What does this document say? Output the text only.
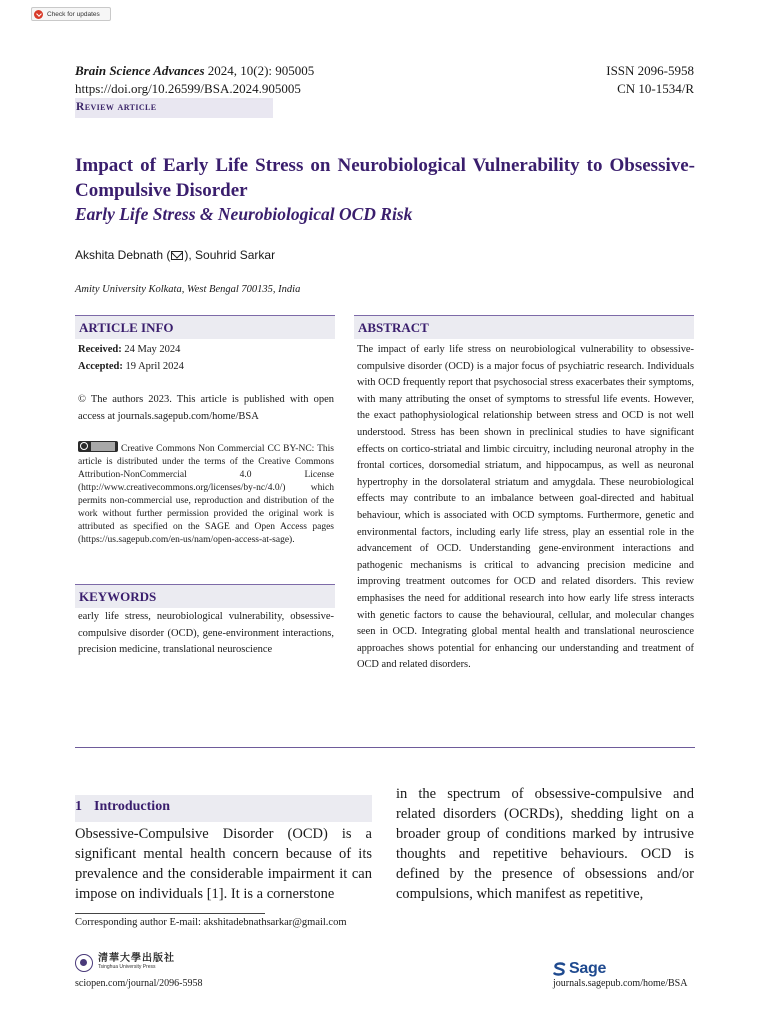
Check for updates
Brain Science Advances 2024, 10(2): 905005
https://doi.org/10.26599/BSA.2024.905005
ISSN 2096-5958
CN 10-1534/R
Review article
Impact of Early Life Stress on Neurobiological Vulnerability to Obsessive-Compulsive Disorder
Early Life Stress & Neurobiological OCD Risk
Akshita Debnath ( ), Souhrid Sarkar
Amity University Kolkata, West Bengal 700135, India
ARTICLE INFO
Received: 24 May 2024
Accepted: 19 April 2024
© The authors 2023. This article is published with open access at journals.sagepub.com/home/BSA
Creative Commons Non Commercial CC BY-NC: This article is distributed under the terms of the Creative Commons Attribution-NonCommercial 4.0 License (http://www.creativecommons.org/licenses/by-nc/4.0/) which permits non-commercial use, reproduction and distribution of the work without further permission provided the original work is attributed as specified on the SAGE and Open Access pages (https://us.sagepub.com/en-us/nam/open-access-at-sage).
KEYWORDS
early life stress, neurobiological vulnerability, obsessive-compulsive disorder (OCD), gene-environment interactions, precision medicine, translational neuroscience
ABSTRACT
The impact of early life stress on neurobiological vulnerability to obsessive-compulsive disorder (OCD) is a major focus of psychiatric research. Individuals with OCD frequently report that psychosocial stress exacerbates their symptoms, with many attributing the onset of symptoms to stressful life events. However, the exact pathophysiological relationship between stress and OCD is not well understood. Stress has been shown in preclinical studies to have significant effects on cortico-striatal and limbic circuitry, including neuronal atrophy in the frontal cortices, dorsomedial striatum, and hippocampus, as well as neuronal hypertrophy in the dorsolateral striatum and amygdala. These neurobiological effects may contribute to an imbalance between goal-directed and habitual behaviour, which is associated with OCD symptoms. Furthermore, genetic and environmental factors, including early life stress, play an essential role in the advancement of OCD. Understanding gene-environment interactions and pathogenic mechanisms is critical to advancing precision medicine and improving treatment outcomes for OCD and related disorders. This review emphasises the need for additional research into how early life stress interacts with genetic factors to cause the behavioural, cellular, and molecular changes seen in OCD. Integrating global mental health and translational neuroscience approaches shows potential for enhancing our understanding and treatment of OCD and related disorders.
1 Introduction
Obsessive-Compulsive Disorder (OCD) is a significant mental health concern because of its prevalence and the considerable impairment it can impose on individuals [1]. It is a cornerstone
in the spectrum of obsessive-compulsive and related disorders (OCRDs), shedding light on a broader group of conditions marked by intrusive thoughts and repetitive behaviours. OCD is defined by the presence of obsessions and/or compulsions, which manifest as repetitive,
Corresponding author E-mail: akshitadebnathsarkar@gmail.com
清華大學出版社
Tsinghua University Press
sciopen.com/journal/2096-5958
Sage
journals.sagepub.com/home/BSA
